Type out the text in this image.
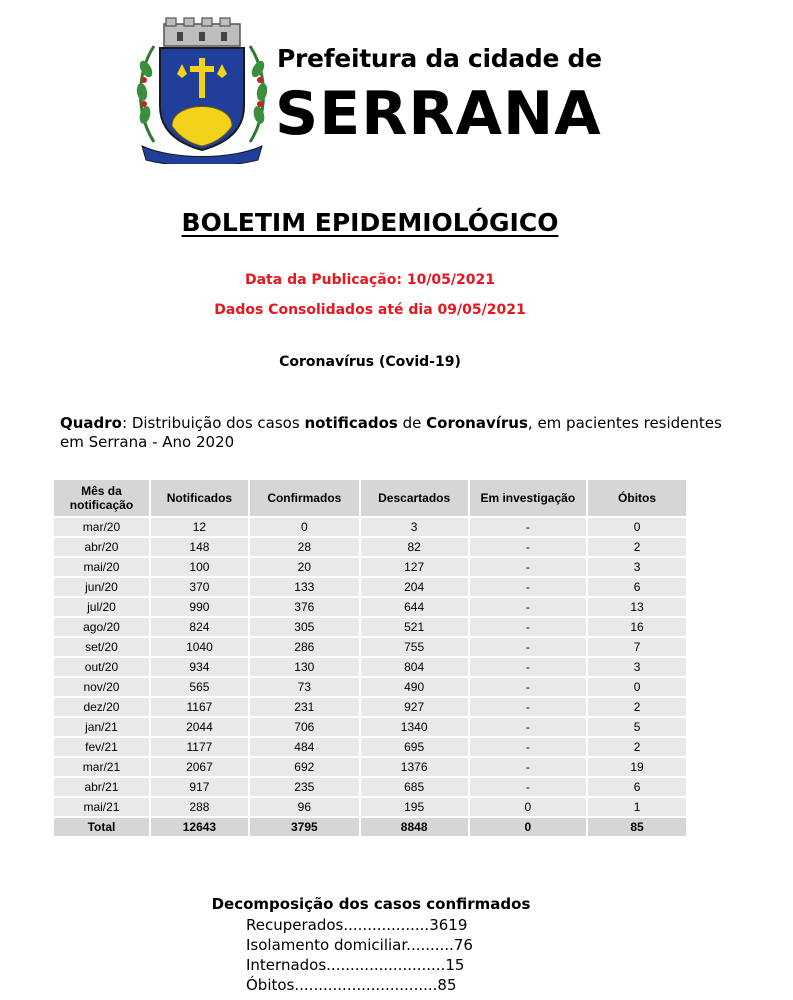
Prefeitura da cidade de
SERRANA
BOLETIM EPIDEMIOLÓGICO
Data da Publicação: 10/05/2021
Dados Consolidados até dia 09/05/2021
Coronavírus (Covid-19)
Quadro: Distribuição dos casos notificados de Coronavírus, em pacientes residentes em Serrana - Ano 2020
Mês da notificação	Notificados	Confirmados	Descartados	Em investigação	Óbitos
mar/20	12	0	3	-	0
abr/20	148	28	82	-	2
mai/20	100	20	127	-	3
jun/20	370	133	204	-	6
jul/20	990	376	644	-	13
ago/20	824	305	521	-	16
set/20	1040	286	755	-	7
out/20	934	130	804	-	3
nov/20	565	73	490	-	0
dez/20	1167	231	927	-	2
jan/21	2044	706	1340	-	5
fev/21	1177	484	695	-	2
mar/21	2067	692	1376	-	19
abr/21	917	235	685	-	6
mai/21	288	96	195	0	1
Total	12643	3795	8848	0	85
Decomposição dos casos confirmados
Recuperados..................3619
Isolamento domiciliar..........76
Internados.........................15
Óbitos..............................85
